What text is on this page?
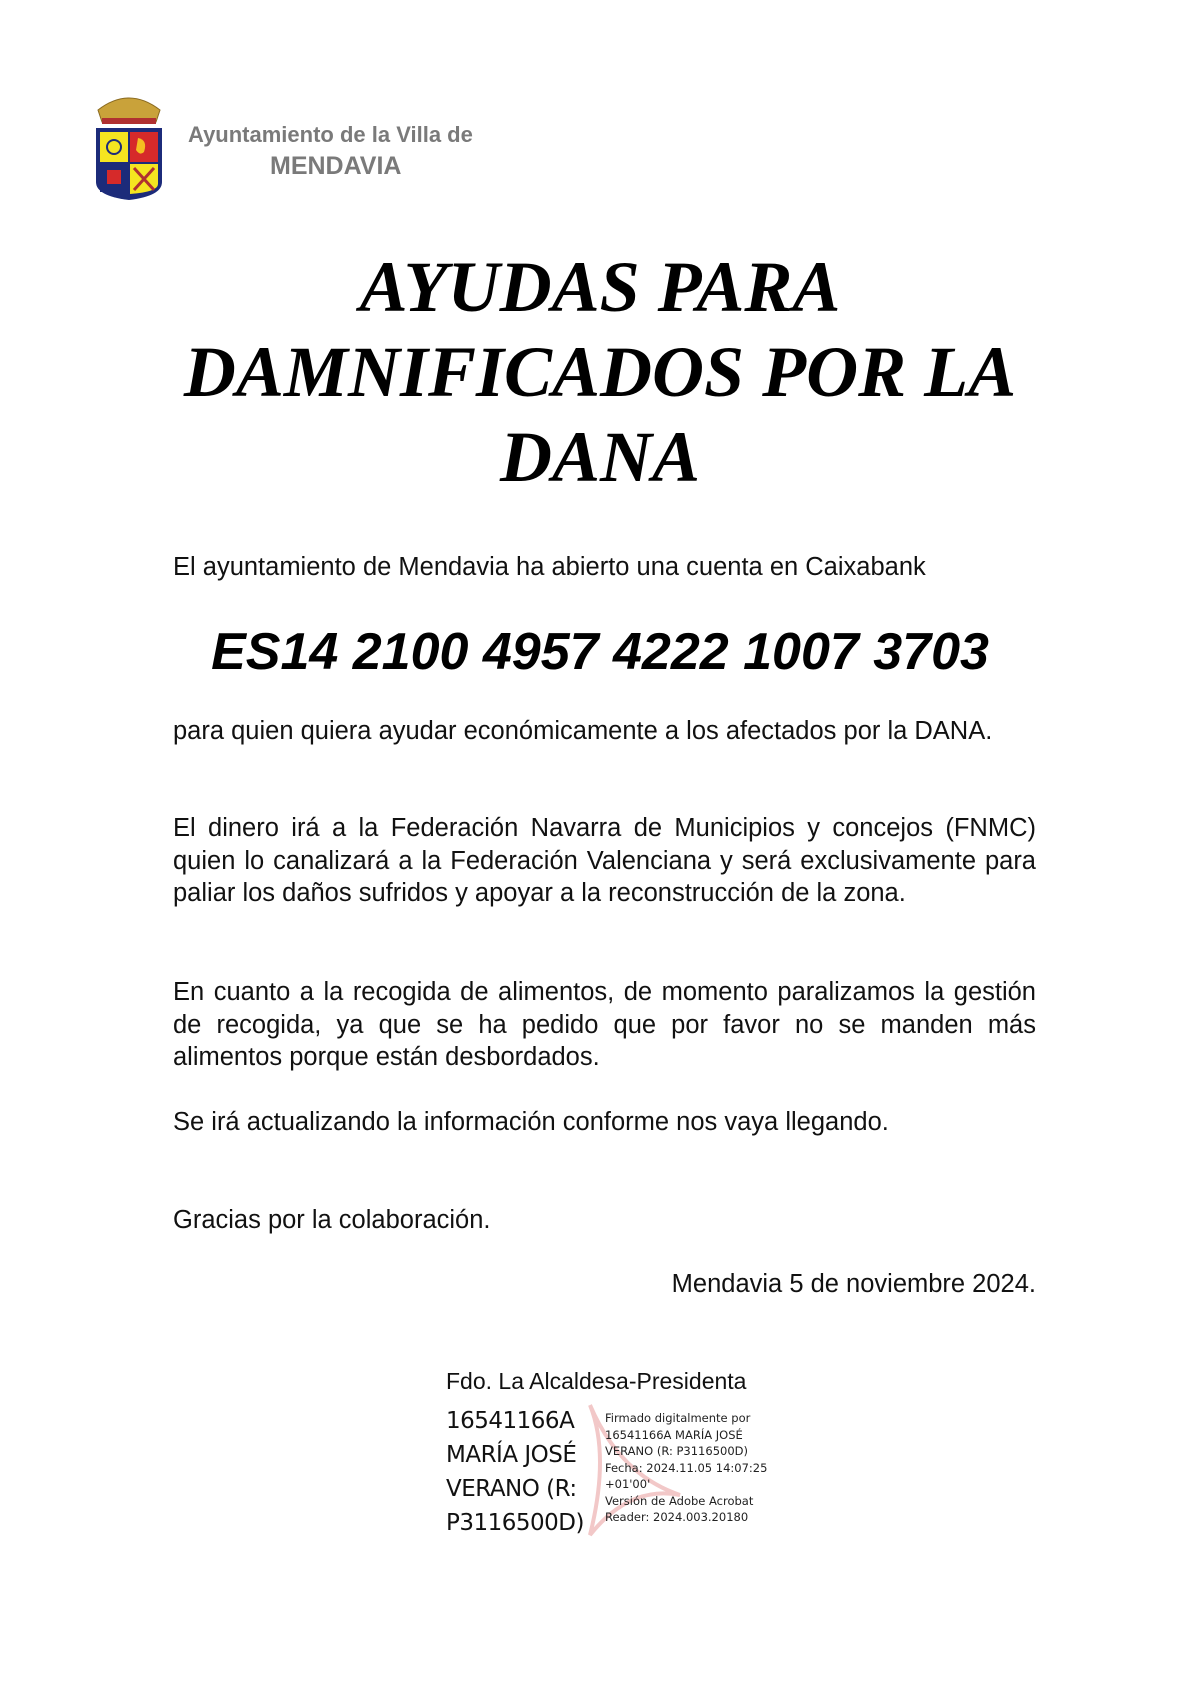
Ayuntamiento de la Villa de
MENDAVIA
AYUDAS PARA
DAMNIFICADOS POR LA
DANA
El ayuntamiento de Mendavia ha abierto una cuenta en Caixabank
ES14 2100 4957 4222 1007 3703
para quien quiera ayudar económicamente a los afectados por la DANA.
El dinero irá a la Federación Navarra de Municipios y concejos (FNMC) quien lo canalizará a la Federación Valenciana y será exclusivamente para paliar los daños sufridos y apoyar a la reconstrucción de la zona.
En cuanto a la recogida de alimentos, de momento paralizamos la gestión de recogida, ya que se ha pedido que por favor no se manden más alimentos porque están desbordados.
Se irá actualizando la información conforme nos vaya llegando.
Gracias por la colaboración.
Mendavia 5 de noviembre 2024.
Fdo. La Alcaldesa-Presidenta
16541166A
MARÍA JOSÉ
VERANO (R:
P3116500D)
Firmado digitalmente por
16541166A MARÍA JOSÉ
VERANO (R: P3116500D)
Fecha: 2024.11.05 14:07:25
+01'00'
Versión de Adobe Acrobat
Reader: 2024.003.20180
